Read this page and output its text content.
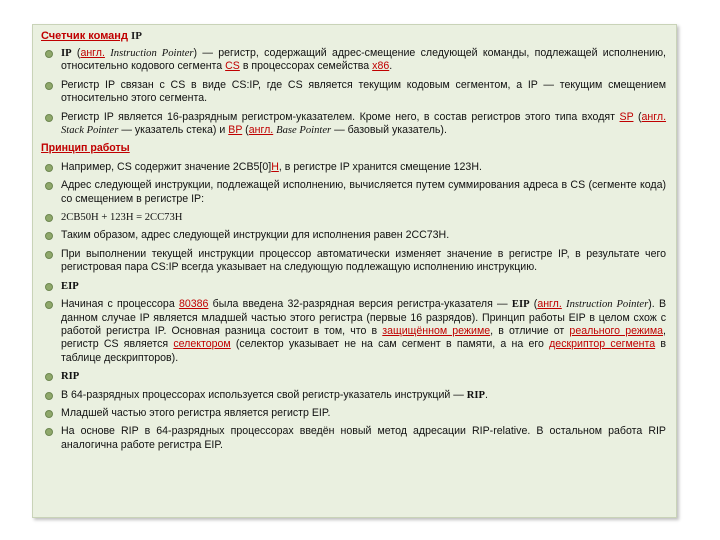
Счетчик команд IP
IP (англ. Instruction Pointer) — регистр, содержащий адрес-смещение следующей команды, подлежащей исполнению, относительно кодового сегмента CS в процессорах семейства x86.
Регистр IP связан с CS в виде CS:IP, где CS является текущим кодовым сегментом, а IP — текущим смещением относительно этого сегмента.
Регистр IP является 16-разрядным регистром-указателем. Кроме него, в состав регистров этого типа входят SP (англ. Stack Pointer — указатель стека) и BP (англ. Base Pointer — базовый указатель).
Принцип работы
Например, CS содержит значение 2CB5[0]H, в регистре IP хранится смещение 123H.
Адрес следующей инструкции, подлежащей исполнению, вычисляется путем суммирования адреса в CS (сегменте кода) со смещением в регистре IP:
2CB50H + 123H = 2CC73H
Таким образом, адрес следующей инструкции для исполнения равен 2CC73H.
При выполнении текущей инструкции процессор автоматически изменяет значение в регистре IP, в результате чего регистровая пара CS:IP всегда указывает на следующую подлежащую исполнению инструкцию.
EIP
Начиная с процессора 80386 была введена 32-разрядная версия регистра-указателя — EIP (англ. Instruction Pointer). В данном случае IP является младшей частью этого регистра (первые 16 разрядов). Принцип работы EIP в целом схож с работой регистра IP. Основная разница состоит в том, что в защищённом режиме, в отличие от реального режима, регистр CS является селектором (селектор указывает не на сам сегмент в памяти, а на его дескриптор сегмента в таблице дескрипторов).
RIP
В 64-разрядных процессорах используется свой регистр-указатель инструкций — RIP.
Младшей частью этого регистра является регистр EIP.
На основе RIP в 64-разрядных процессорах введён новый метод адресации RIP-relative. В остальном работа RIP аналогична работе регистра EIP.
